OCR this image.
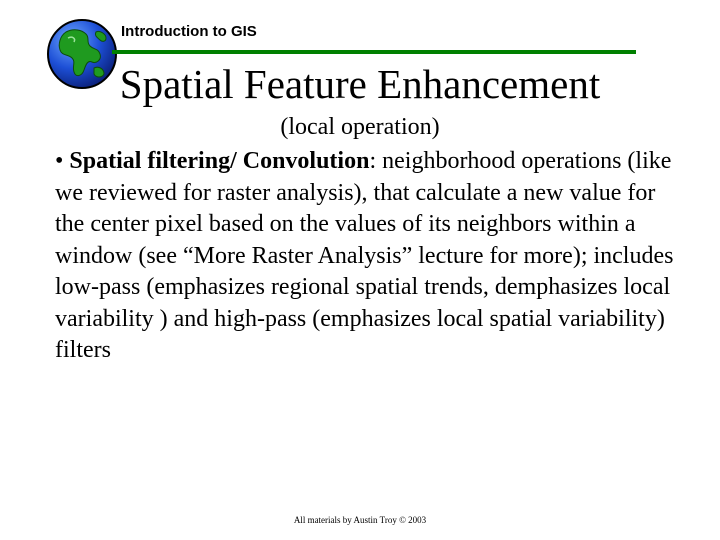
Introduction to GIS
Spatial Feature Enhancement
(local operation)
• Spatial filtering/ Convolution: neighborhood operations (like we reviewed for raster analysis), that calculate a new value for the center pixel based on the values of its neighbors within a window (see “More Raster Analysis” lecture for more); includes low-pass (emphasizes regional spatial trends, demphasizes local variability ) and high-pass (emphasizes local spatial variability) filters
All materials by Austin Troy © 2003
